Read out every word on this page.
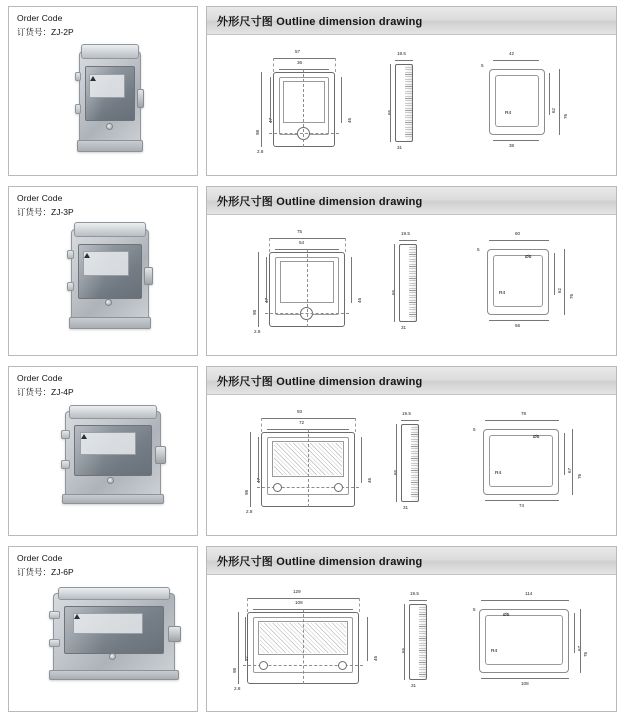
Order Code
订货号：ZJ-2P
外形尺寸图 Outline dimension drawing
57
36
98
47	46
2.8
19.5
65
31
42
5
R4
62
76
38
Order Code
订货号：ZJ-3P
外形尺寸图 Outline dimension drawing
75
54
98
47	46
2.8
19.5
65
31
60
5
Ø5
R4
62
76
56
Order Code
订货号：ZJ-4P
外形尺寸图 Outline dimension drawing
93
72
98
47	46
2.8
19.5
65
31
78
5
Ø5
R4
67
76
74
Order Code
订货号：ZJ-6P
外形尺寸图 Outline dimension drawing
129
108
98
47	46
2.8
19.5
65
31
114
5
Ø5
R4
67
76
108
